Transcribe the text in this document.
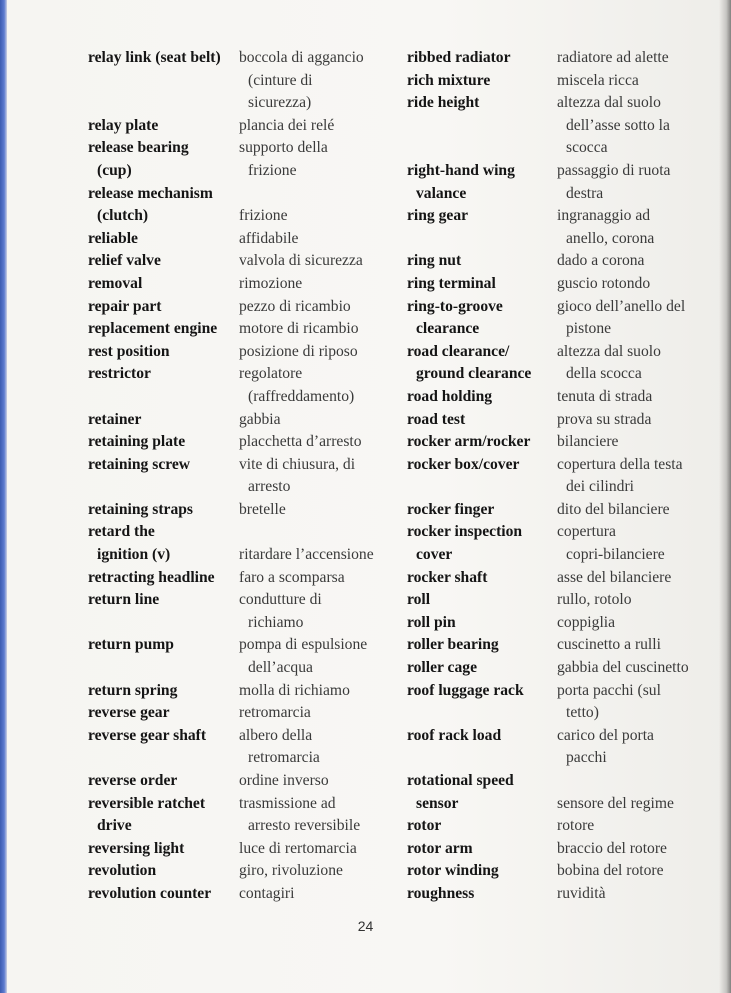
relay link (seat belt)
relay plate
release bearing
(cup)
release mechanism
(clutch)
reliable
relief valve
removal
repair part
replacement engine
rest position
restrictor
retainer
retaining plate
retaining screw
retaining straps
retard the
ignition (v)
retracting headline
return line
return pump
return spring
reverse gear
reverse gear shaft
reverse order
reversible ratchet
drive
reversing light
revolution
revolution counter
boccola di aggancio
(cinture di
sicurezza)
plancia dei relé
supporto della
frizione
frizione
affidabile
valvola di sicurezza
rimozione
pezzo di ricambio
motore di ricambio
posizione di riposo
regolatore
(raffreddamento)
gabbia
placchetta d’arresto
vite di chiusura, di
arresto
bretelle
ritardare l’accensione
faro a scomparsa
condutture di
richiamo
pompa di espulsione
dell’acqua
molla di richiamo
retromarcia
albero della
retromarcia
ordine inverso
trasmissione ad
arresto reversibile
luce di rertomarcia
giro, rivoluzione
contagiri
ribbed radiator
rich mixture
ride height
right-hand wing
valance
ring gear
ring nut
ring terminal
ring-to-groove
clearance
road clearance/
ground clearance
road holding
road test
rocker arm/rocker
rocker box/cover
rocker finger
rocker inspection
cover
rocker shaft
roll
roll pin
roller bearing
roller cage
roof luggage rack
roof rack load
rotational speed
sensor
rotor
rotor arm
rotor winding
roughness
radiatore ad alette
miscela ricca
altezza dal suolo
dell’asse sotto la
scocca
passaggio di ruota
destra
ingranaggio ad
anello, corona
dado a corona
guscio rotondo
gioco dell’anello del
pistone
altezza dal suolo
della scocca
tenuta di strada
prova su strada
bilanciere
copertura della testa
dei cilindri
dito del bilanciere
copertura
copri-bilanciere
asse del bilanciere
rullo, rotolo
coppiglia
cuscinetto a rulli
gabbia del cuscinetto
porta pacchi (sul
tetto)
carico del porta
pacchi
sensore del regime
rotore
braccio del rotore
bobina del rotore
ruvidità
24
